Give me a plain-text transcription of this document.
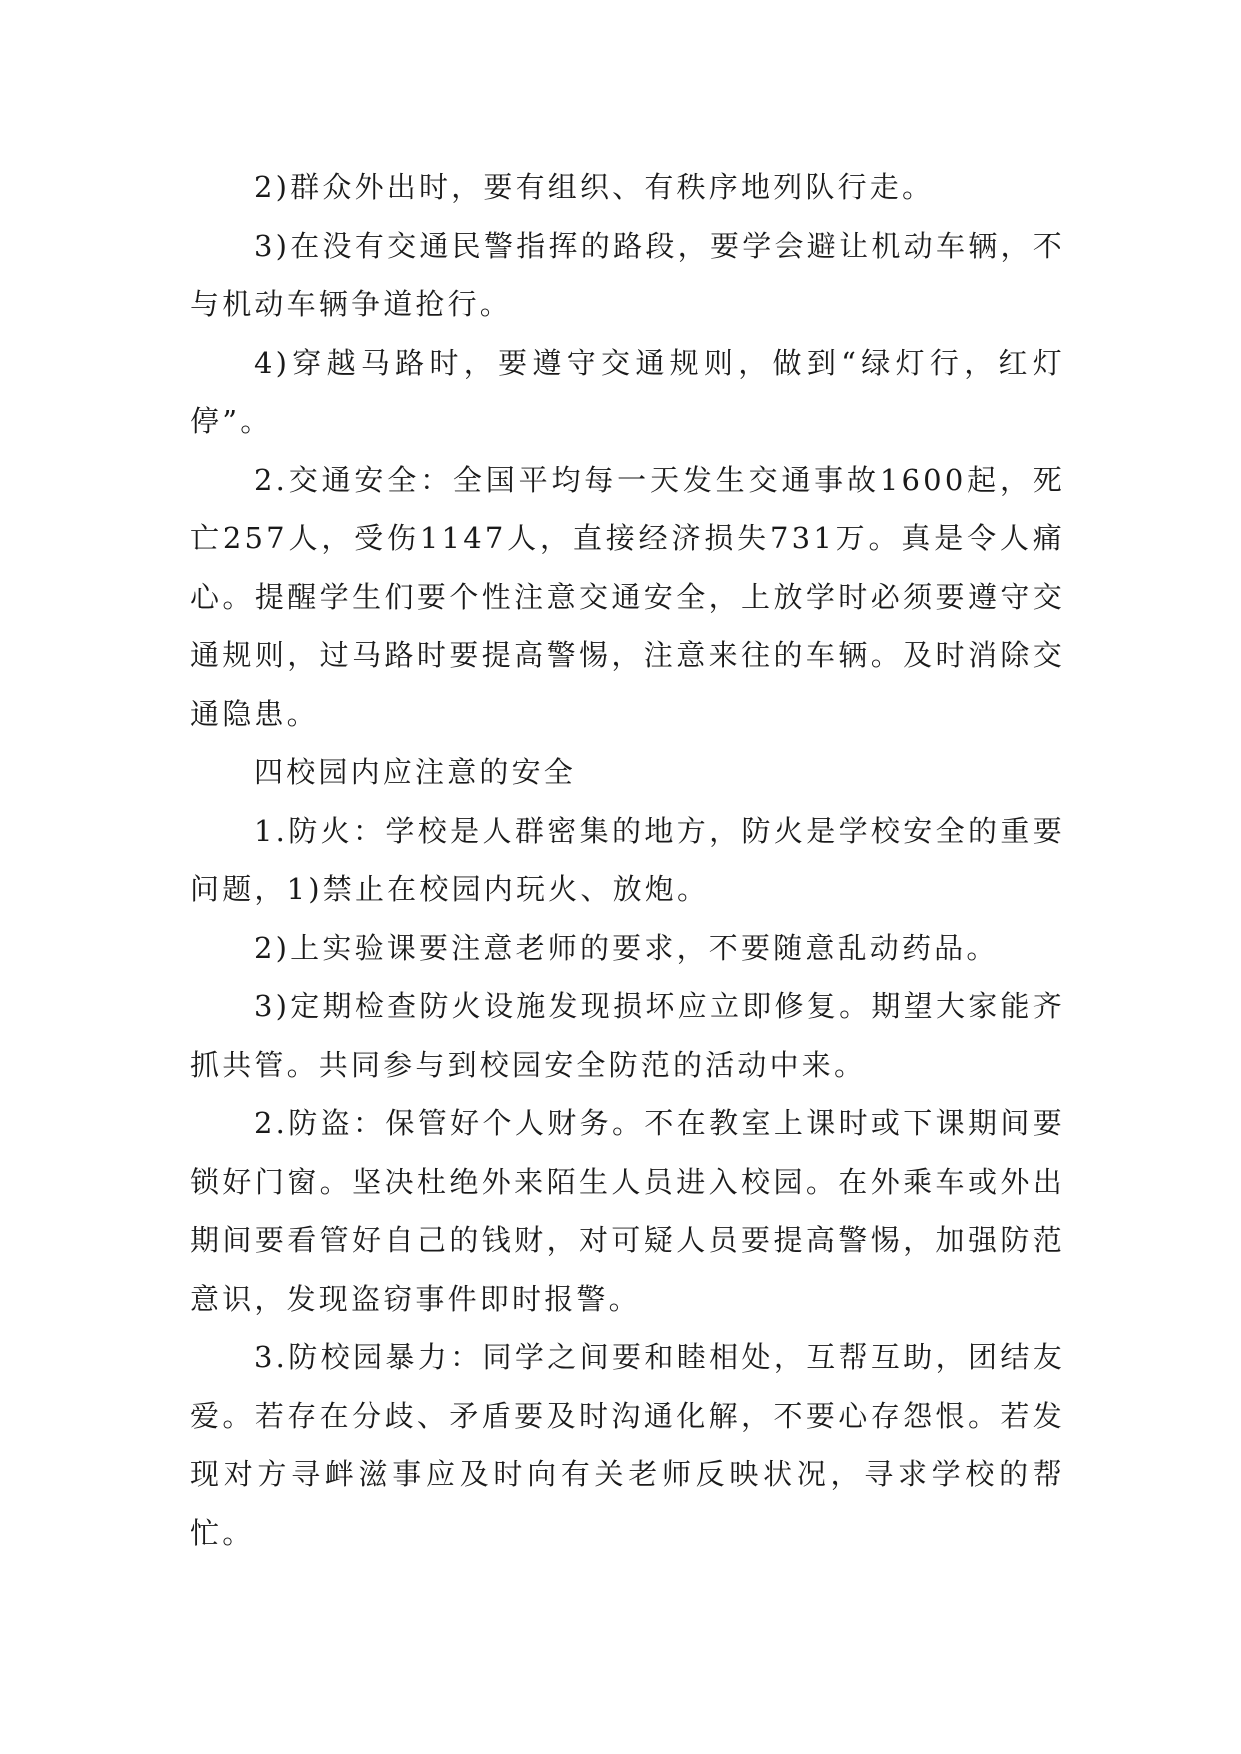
2)群众外出时，要有组织、有秩序地列队行走。

3)在没有交通民警指挥的路段，要学会避让机动车辆，不与机动车辆争道抢行。

4)穿越马路时，要遵守交通规则，做到“绿灯行，红灯停”。

2.交通安全：全国平均每一天发生交通事故1600起，死亡257人，受伤1147人，直接经济损失731万。真是令人痛心。提醒学生们要个性注意交通安全，上放学时必须要遵守交通规则，过马路时要提高警惕，注意来往的车辆。及时消除交通隐患。

四校园内应注意的安全

1.防火：学校是人群密集的地方，防火是学校安全的重要问题，1)禁止在校园内玩火、放炮。

2)上实验课要注意老师的要求，不要随意乱动药品。

3)定期检查防火设施发现损坏应立即修复。期望大家能齐抓共管。共同参与到校园安全防范的活动中来。

2.防盗：保管好个人财务。不在教室上课时或下课期间要锁好门窗。坚决杜绝外来陌生人员进入校园。在外乘车或外出期间要看管好自己的钱财，对可疑人员要提高警惕，加强防范意识，发现盗窃事件即时报警。

3.防校园暴力：同学之间要和睦相处，互帮互助，团结友爱。若存在分歧、矛盾要及时沟通化解，不要心存怨恨。若发现对方寻衅滋事应及时向有关老师反映状况，寻求学校的帮忙。
